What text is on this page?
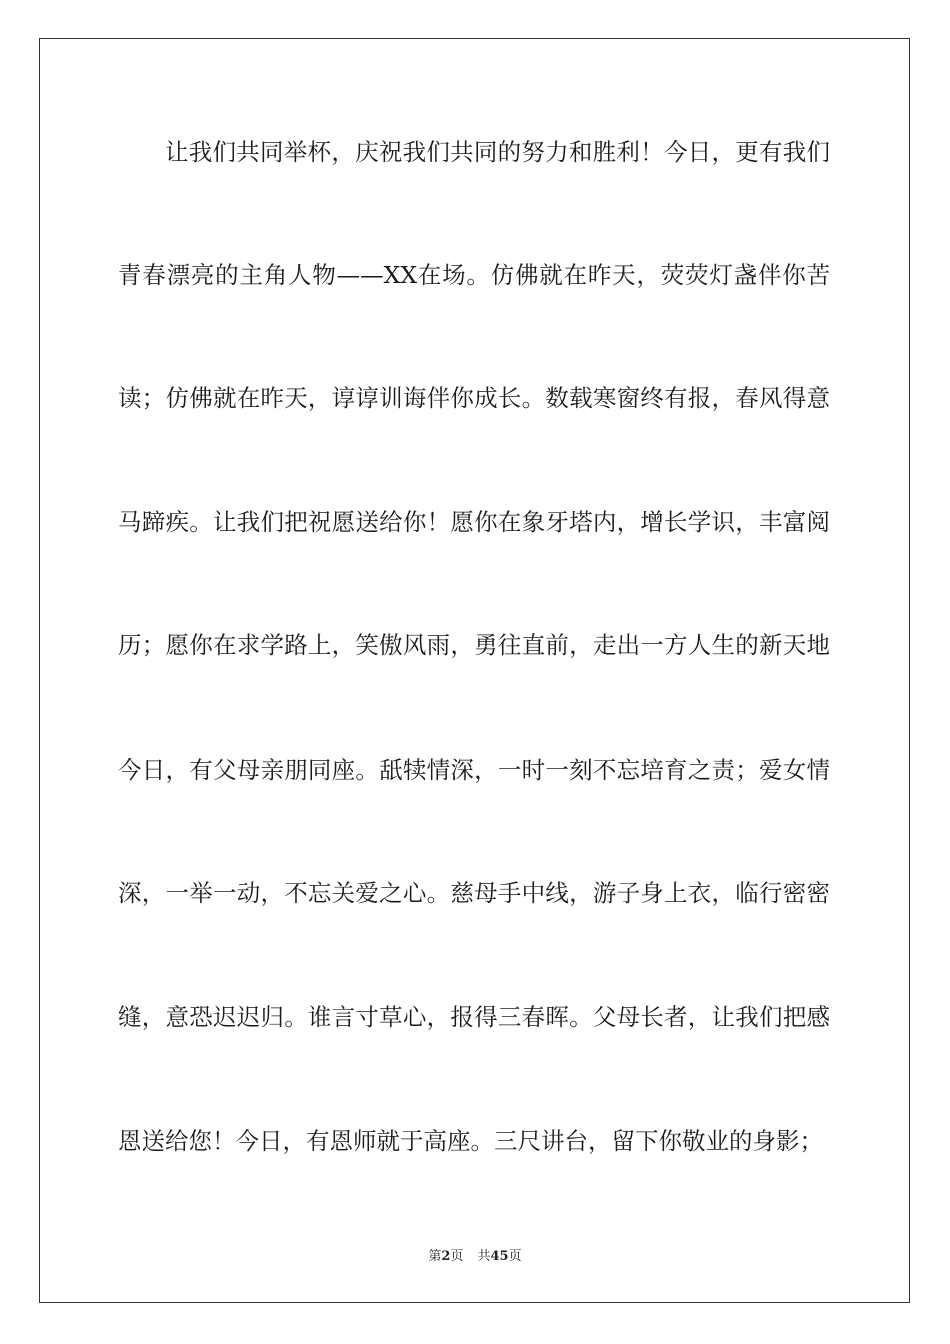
让我们共同举杯，庆祝我们共同的努力和胜利！今日，更有我们
青春漂亮的主角人物——XX在场。仿佛就在昨天，荧荧灯盏伴你苦
读；仿佛就在昨天，谆谆训诲伴你成长。数载寒窗终有报，春风得意
马蹄疾。让我们把祝愿送给你！愿你在象牙塔内，增长学识，丰富阅
历；愿你在求学路上，笑傲风雨，勇往直前，走出一方人生的新天地
今日，有父母亲朋同座。舐犊情深，一时一刻不忘培育之责；爱女情
深，一举一动，不忘关爱之心。慈母手中线，游子身上衣，临行密密
缝，意恐迟迟归。谁言寸草心，报得三春晖。父母长者，让我们把感
恩送给您！今日，有恩师就于高座。三尺讲台，留下你敬业的身影；
第2页 共45页
